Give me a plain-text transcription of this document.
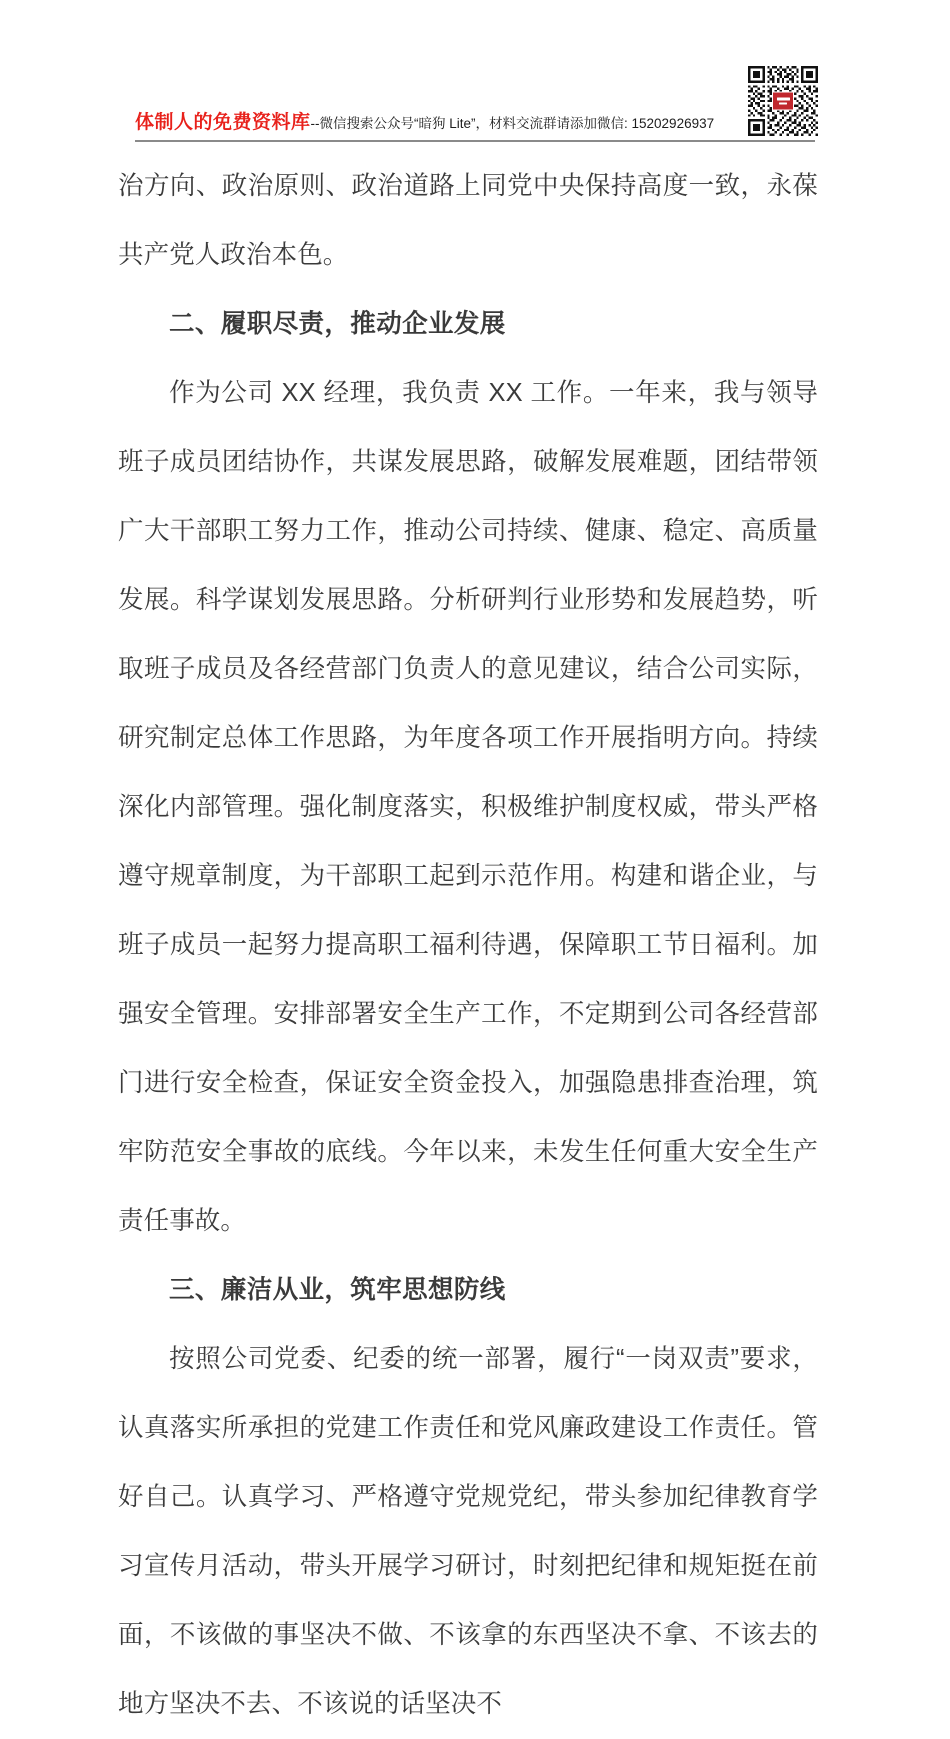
体制人的免费资料库--微信搜索公众号“暗狗 Lite”，材料交流群请添加微信: 15202926937

治方向、政治原则、政治道路上同党中央保持高度一致，永葆共产党人政治本色。

二、履职尽责，推动企业发展

作为公司 XX 经理，我负责 XX 工作。一年来，我与领导班子成员团结协作，共谋发展思路，破解发展难题，团结带领广大干部职工努力工作，推动公司持续、健康、稳定、高质量发展。科学谋划发展思路。分析研判行业形势和发展趋势，听取班子成员及各经营部门负责人的意见建议，结合公司实际，研究制定总体工作思路，为年度各项工作开展指明方向。持续深化内部管理。强化制度落实，积极维护制度权威，带头严格遵守规章制度，为干部职工起到示范作用。构建和谐企业，与班子成员一起努力提高职工福利待遇，保障职工节日福利。加强安全管理。安排部署安全生产工作，不定期到公司各经营部门进行安全检查，保证安全资金投入，加强隐患排查治理，筑牢防范安全事故的底线。今年以来，未发生任何重大安全生产责任事故。

三、廉洁从业，筑牢思想防线

按照公司党委、纪委的统一部署，履行“一岗双责”要求，认真落实所承担的党建工作责任和党风廉政建设工作责任。管好自己。认真学习、严格遵守党规党纪，带头参加纪律教育学习宣传月活动，带头开展学习研讨，时刻把纪律和规矩挺在前面，不该做的事坚决不做、不该拿的东西坚决不拿、不该去的地方坚决不去、不该说的话坚决不
